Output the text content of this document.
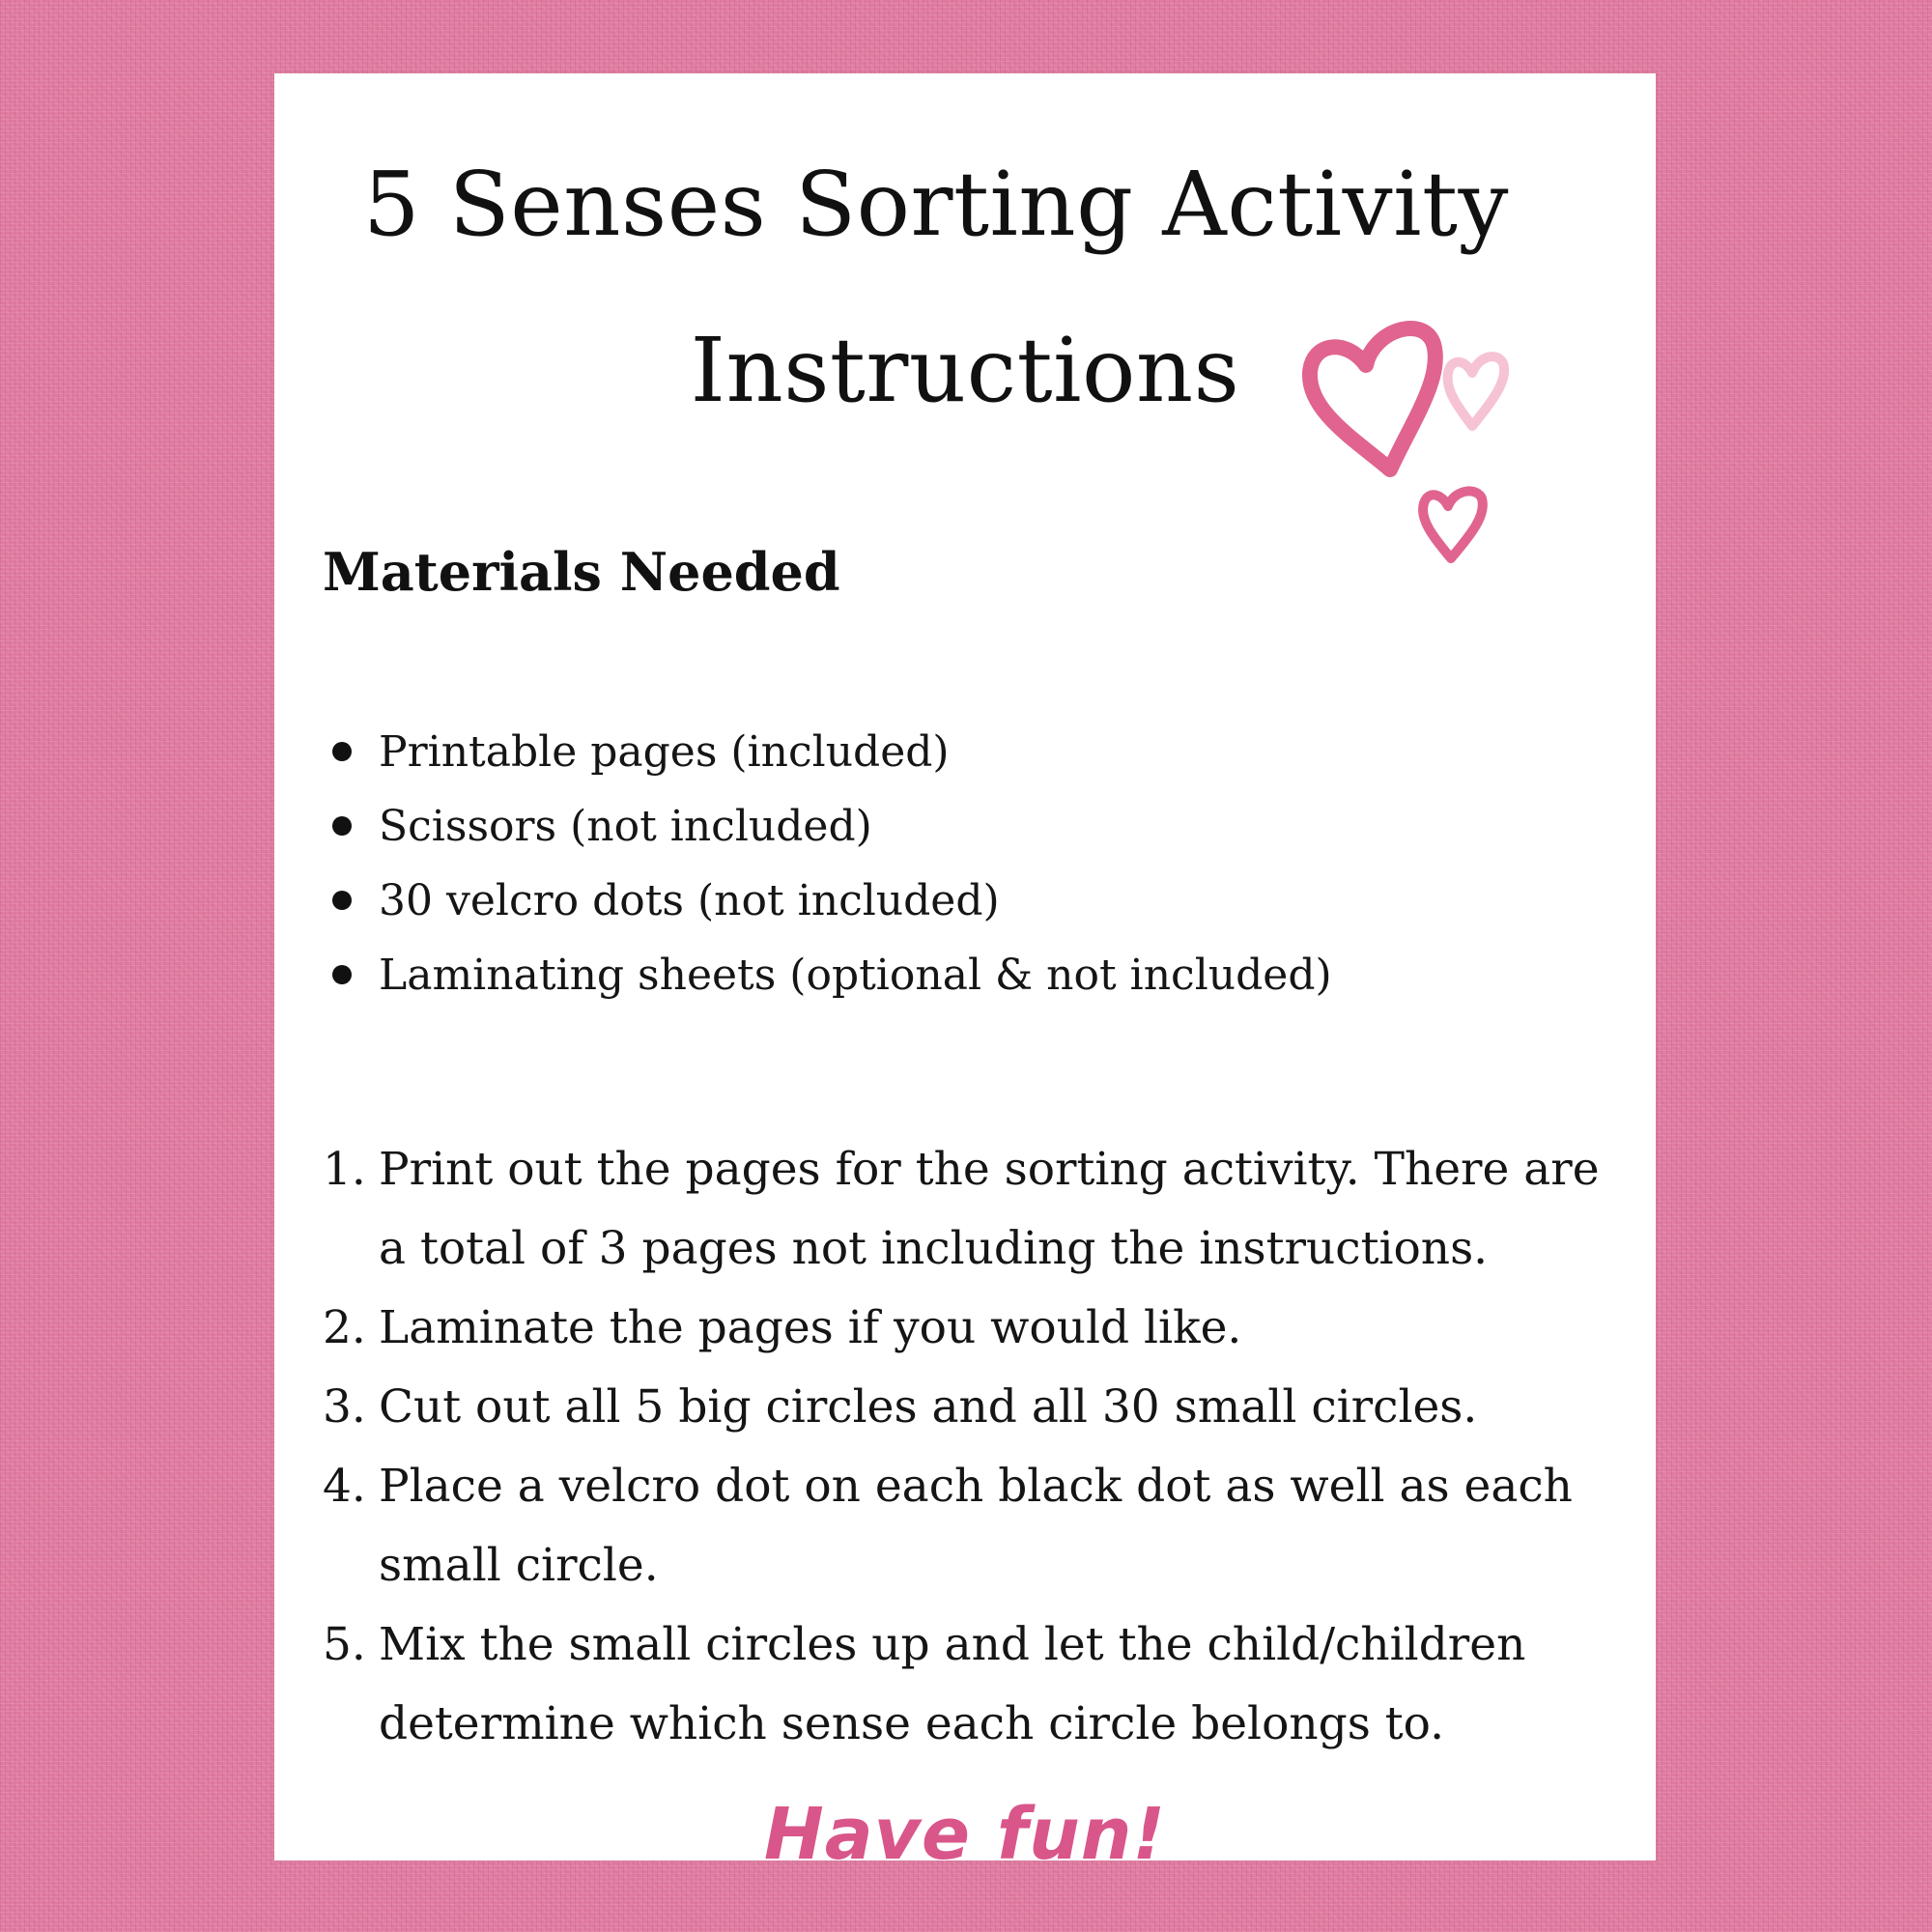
5 Senses Sorting Activity
Instructions
Materials Needed
Printable pages (included)
Scissors (not included)
30 velcro dots (not included)
Laminating sheets (optional & not included)
1. Print out the pages for the sorting activity. There are a total of 3 pages not including the instructions.
2. Laminate the pages if you would like.
3. Cut out all 5 big circles and all 30 small circles.
4. Place a velcro dot on each black dot as well as each small circle.
5. Mix the small circles up and let the child/children determine which sense each circle belongs to.
Have fun!
